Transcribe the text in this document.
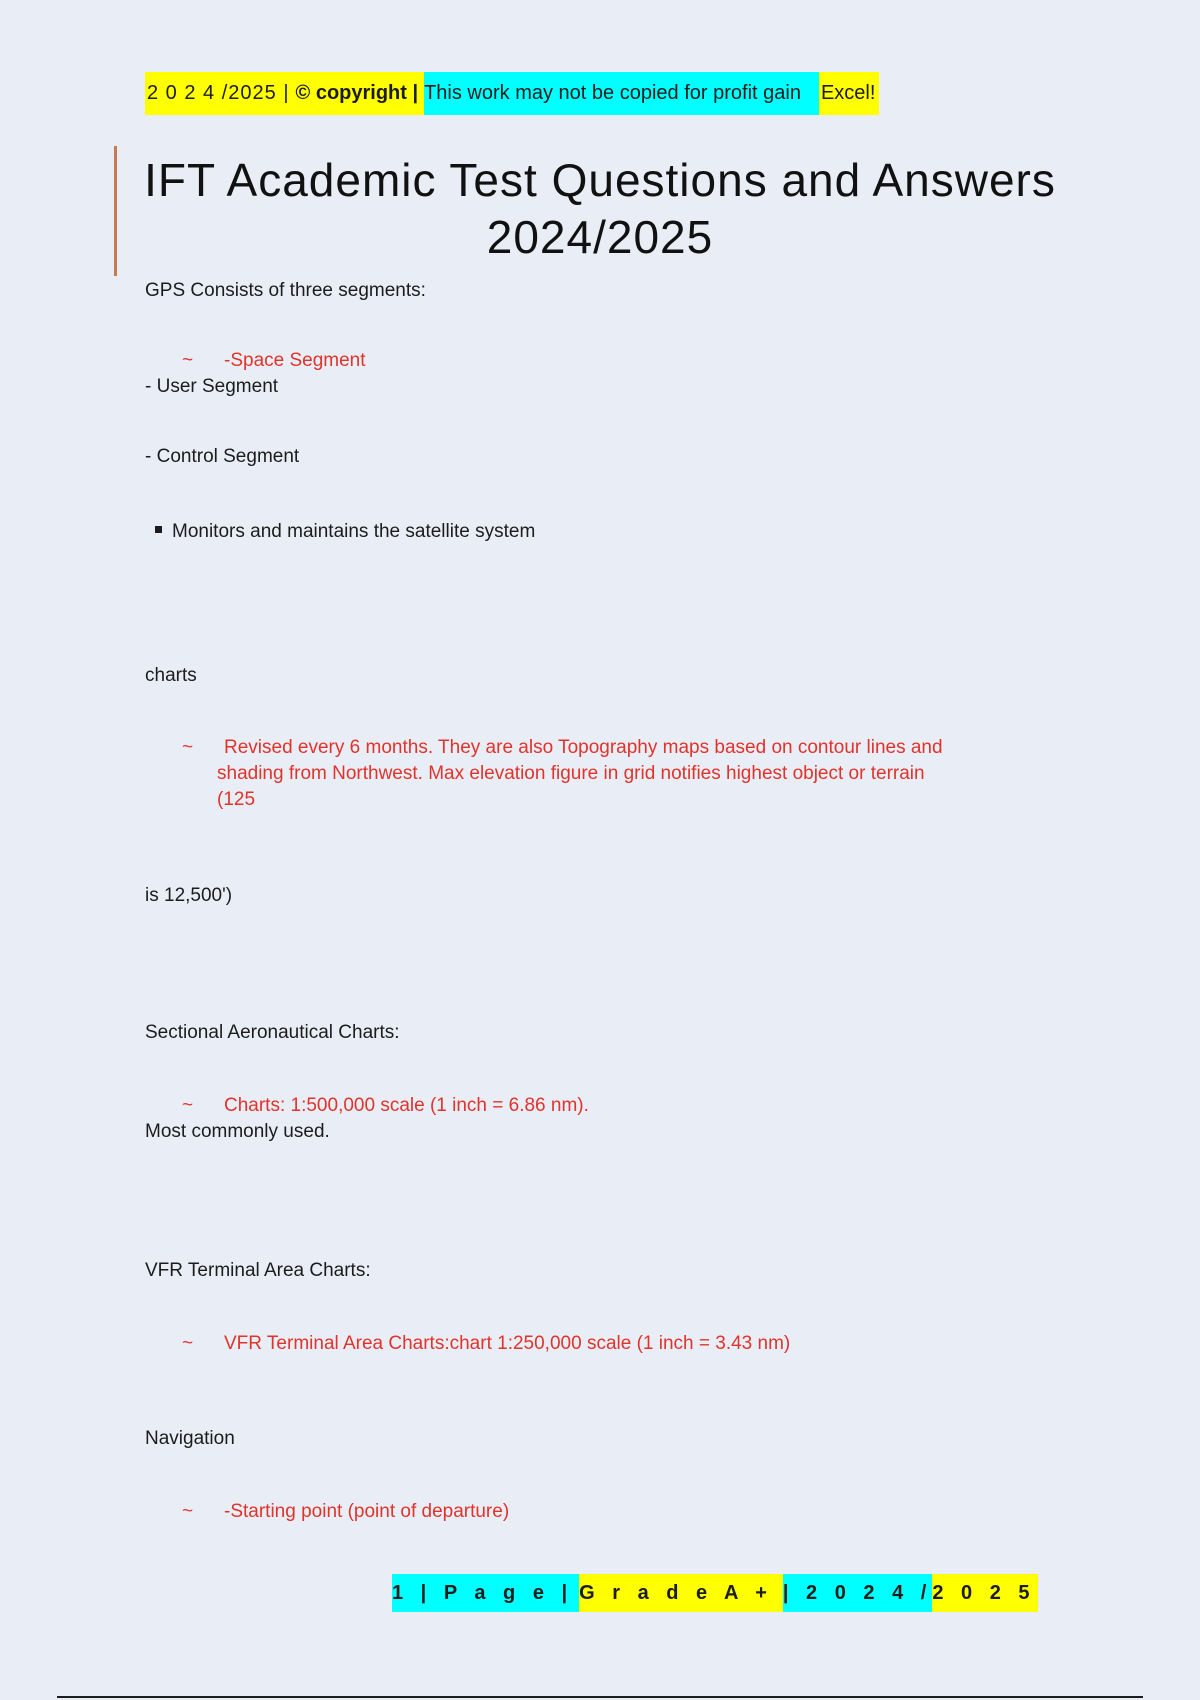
2 0 2 4 /2025 | © copyright | This work may not be copied for profit gain	Excel!
IFT Academic Test Questions and Answers
2024/2025
GPS Consists of three segments:
~ -Space Segment
- User Segment
- Control Segment
Monitors and maintains the satellite system
charts
~ Revised every 6 months. They are also Topography maps based on contour lines and
shading from Northwest. Max elevation figure in grid notifies highest object or terrain
(125
is 12,500')
Sectional Aeronautical Charts:
~ Charts: 1:500,000 scale (1 inch = 6.86 nm).
Most commonly used.
VFR Terminal Area Charts:
~ VFR Terminal Area Charts:chart 1:250,000 scale (1 inch = 3.43 nm)
Navigation
~ -Starting point (point of departure)
1 | P a g e | G r a d e A + | 2 0 2 4 / 2 0 2 5
